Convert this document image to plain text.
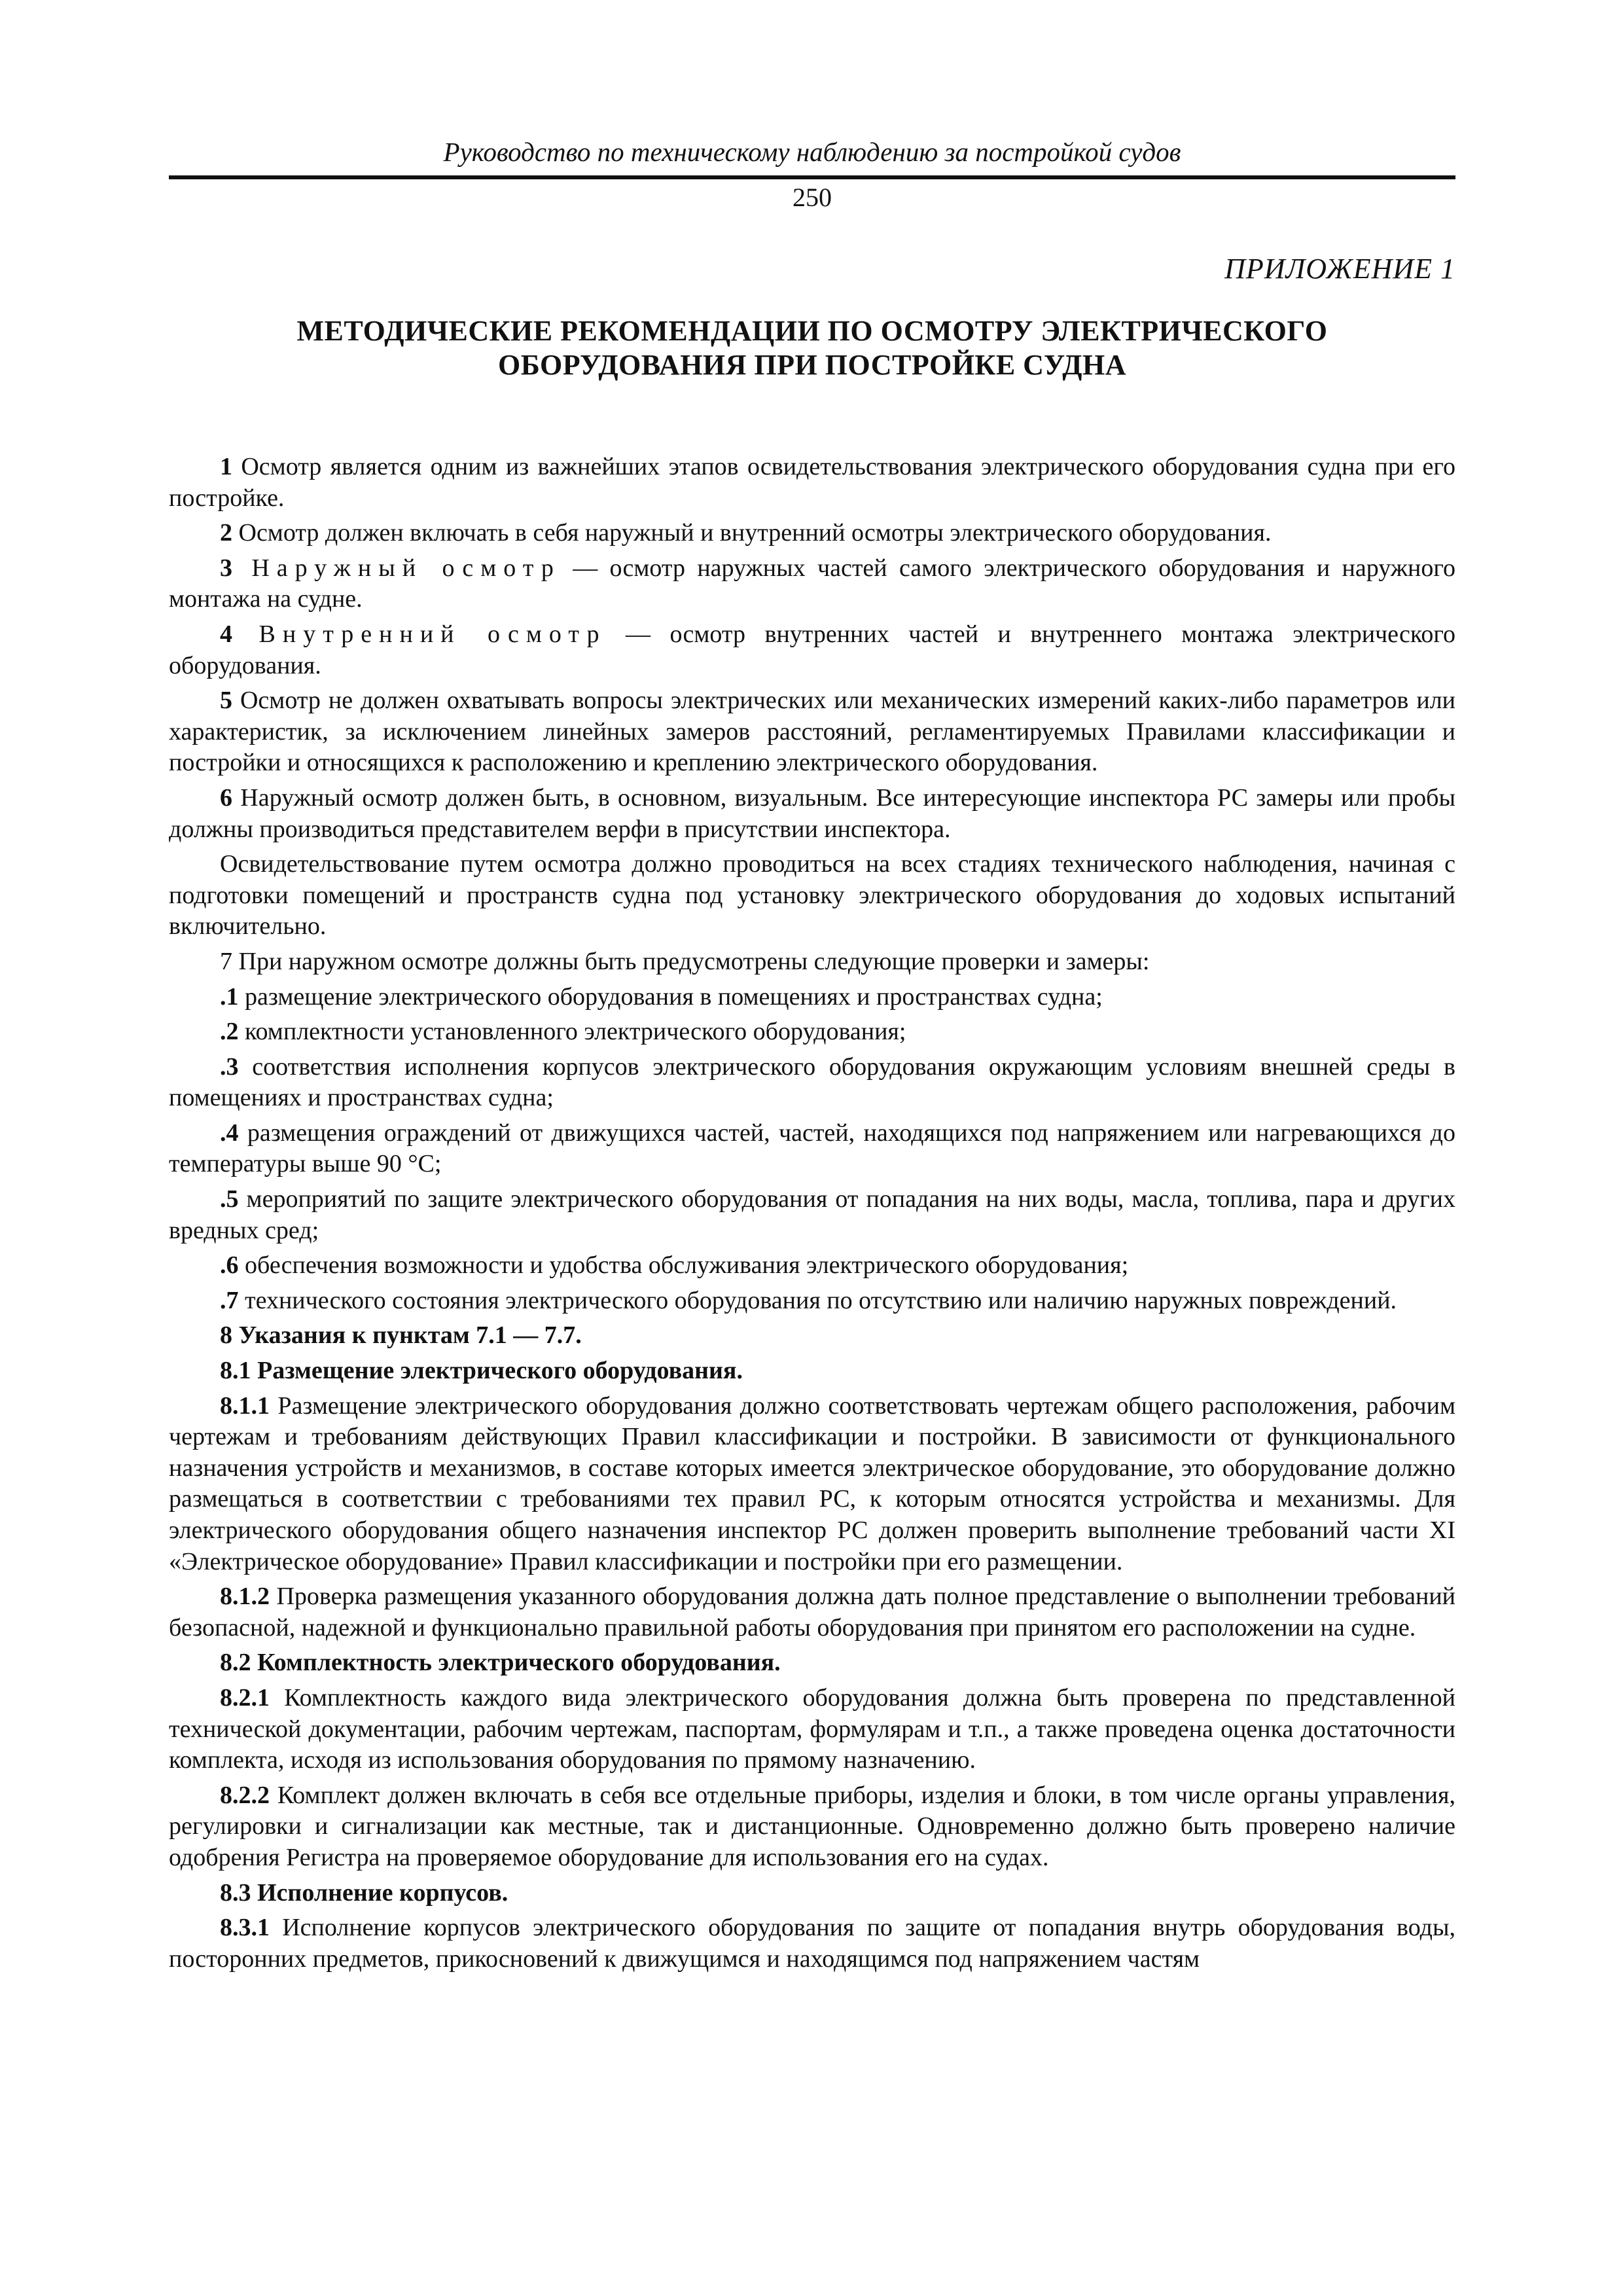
Руководство по техническому наблюдению за постройкой судов
250
ПРИЛОЖЕНИЕ 1
МЕТОДИЧЕСКИЕ РЕКОМЕНДАЦИИ ПО ОСМОТРУ ЭЛЕКТРИЧЕСКОГО
ОБОРУДОВАНИЯ ПРИ ПОСТРОЙКЕ СУДНА

1 Осмотр является одним из важнейших этапов освидетельствования электрического оборудования судна при его постройке.

2 Осмотр должен включать в себя наружный и внутренний осмотры электрического оборудования.

3 Наружный осмотр — осмотр наружных частей самого электрического оборудования и наружного монтажа на судне.

4 Внутренний осмотр — осмотр внутренних частей и внутреннего монтажа электрического оборудования.

5 Осмотр не должен охватывать вопросы электрических или механических измерений каких-либо параметров или характеристик, за исключением линейных замеров расстояний, регламентируемых Правилами классификации и постройки и относящихся к расположению и креплению электрического оборудования.

6 Наружный осмотр должен быть, в основном, визуальным. Все интересующие инспектора РС замеры или пробы должны производиться представителем верфи в присутствии инспектора.

Освидетельствование путем осмотра должно проводиться на всех стадиях технического наблюдения, начиная с подготовки помещений и пространств судна под установку электрического оборудования до ходовых испытаний включительно.

7 При наружном осмотре должны быть предусмотрены следующие проверки и замеры:

.1 размещение электрического оборудования в помещениях и пространствах судна;

.2 комплектности установленного электрического оборудования;

.3 соответствия исполнения корпусов электрического оборудования окружающим условиям внешней среды в помещениях и пространствах судна;

.4 размещения ограждений от движущихся частей, частей, находящихся под напряжением или нагревающихся до температуры выше 90 °С;

.5 мероприятий по защите электрического оборудования от попадания на них воды, масла, топлива, пара и других вредных сред;

.6 обеспечения возможности и удобства обслуживания электрического оборудования;

.7 технического состояния электрического оборудования по отсутствию или наличию наружных повреждений.

8 Указания к пунктам 7.1 — 7.7.

8.1 Размещение электрического оборудования.

8.1.1 Размещение электрического оборудования должно соответствовать чертежам общего расположения, рабочим чертежам и требованиям действующих Правил классификации и постройки. В зависимости от функционального назначения устройств и механизмов, в составе которых имеется электрическое оборудование, это оборудование должно размещаться в соответствии с требованиями тех правил РС, к которым относятся устройства и механизмы. Для электрического оборудования общего назначения инспектор РС должен проверить выполнение требований части XI «Электрическое оборудование» Правил классификации и постройки при его размещении.

8.1.2 Проверка размещения указанного оборудования должна дать полное представление о выполнении требований безопасной, надежной и функционально правильной работы оборудования при принятом его расположении на судне.

8.2 Комплектность электрического оборудования.

8.2.1 Комплектность каждого вида электрического оборудования должна быть проверена по представленной технической документации, рабочим чертежам, паспортам, формулярам и т.п., а также проведена оценка достаточности комплекта, исходя из использования оборудования по прямому назначению.

8.2.2 Комплект должен включать в себя все отдельные приборы, изделия и блоки, в том числе органы управления, регулировки и сигнализации как местные, так и дистанционные. Одновременно должно быть проверено наличие одобрения Регистра на проверяемое оборудование для использования его на судах.

8.3 Исполнение корпусов.

8.3.1 Исполнение корпусов электрического оборудования по защите от попадания внутрь оборудования воды, посторонних предметов, прикосновений к движущимся и находящимся под напряжением частям
